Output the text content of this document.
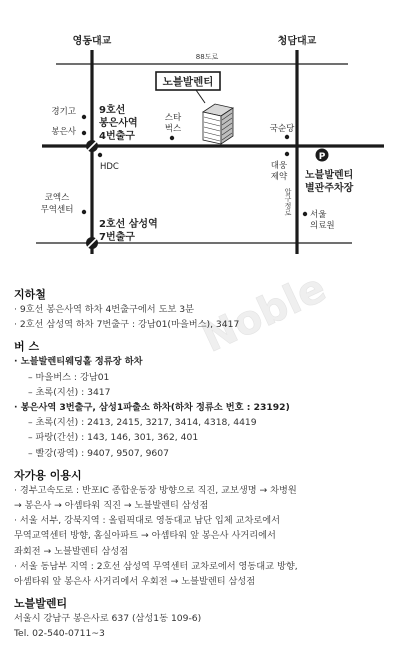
Noble
영동대교	청담대교
88도로
압구정로
노블발렌티
9호선
봉은사역
4번출구
2호선 삼성역
7번출구
경기고
봉은사
스타
벅스	국순당
HDC	대웅
제약
코엑스
무역센터	서울
의료원
P
노블발렌티
별관주차장
지하철
· 9호선 봉은사역 하차 4번출구에서 도보 3분
· 2호선 삼성역 하차 7번출구 : 강남01(마을버스), 3417
버 스
· 노블발렌티웨딩홀 정류장 하차
– 마을버스 : 강남01
– 초록(지선) : 3417
· 봉은사역 3번출구, 삼성1파출소 하차(하차 정류소 번호 : 23192)
– 초록(지선) : 2413, 2415, 3217, 3414, 4318, 4419
– 파랑(간선) : 143, 146, 301, 362, 401
– 빨강(광역) : 9407, 9507, 9607
자가용 이용시
· 경부고속도로 : 반포IC 종합운동장 방향으로 직진, 교보생명 → 차병원
→ 봉은사 → 아셈타워 직진 → 노블발렌티 삼성점
· 서울 서부, 강북지역 : 올림픽대로 영동대교 남단 입체 교차로에서
무역교역센터 방향, 홈실아파트 → 아셈타워 앞 봉은사 사거리에서
좌회전 → 노블발렌티 삼성점
· 서울 동남부 지역 : 2호선 삼성역 무역센터 교차로에서 영동대교 방향,
아셈타워 앞 봉은사 사거리에서 우회전 → 노블발렌티 삼성점
노블발렌티
서울시 강남구 봉은사로 637 (삼성1동 109-6)
Tel. 02-540-0711~3
